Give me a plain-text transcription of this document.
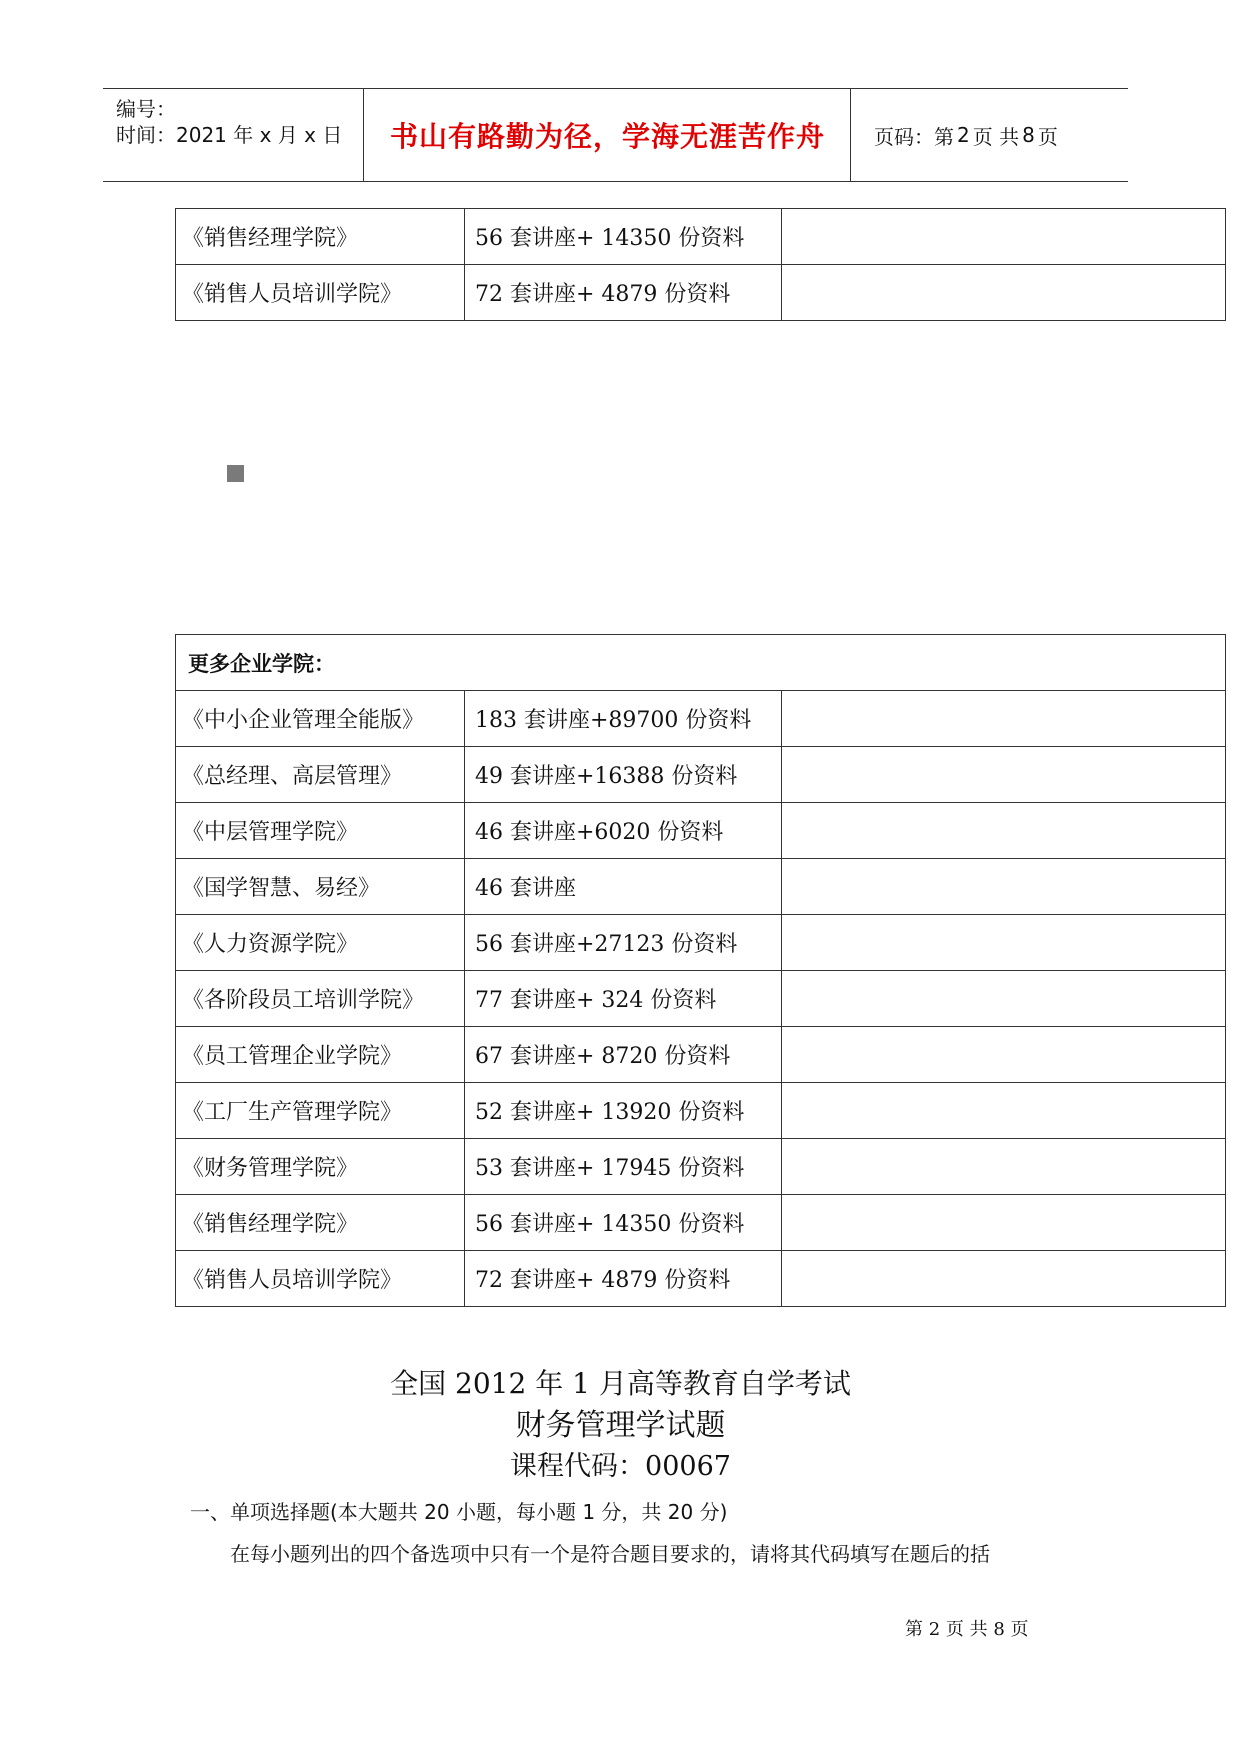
编号：
时间：2021 年 x 月 x 日	书山有路勤为径，学海无涯苦作舟	页码：第 2 页 共 8 页
《销售经理学院》	56 套讲座+ 14350 份资料	
《销售人员培训学院》	72 套讲座+ 4879 份资料	
更多企业学院：		
《中小企业管理全能版》	183 套讲座+89700 份资料	
《总经理、高层管理》	49 套讲座+16388 份资料	
《中层管理学院》	46 套讲座+6020 份资料	
《国学智慧、易经》	46 套讲座	
《人力资源学院》	56 套讲座+27123 份资料	
《各阶段员工培训学院》	77 套讲座+ 324 份资料	
《员工管理企业学院》	67 套讲座+ 8720 份资料	
《工厂生产管理学院》	52 套讲座+ 13920 份资料	
《财务管理学院》	53 套讲座+ 17945 份资料	
《销售经理学院》	56 套讲座+ 14350 份资料	
《销售人员培训学院》	72 套讲座+ 4879 份资料	
全国 2012 年 1 月高等教育自学考试
财务管理学试题
课程代码：00067
一、单项选择题(本大题共 20 小题，每小题 1 分，共 20 分)
在每小题列出的四个备选项中只有一个是符合题目要求的，请将其代码填写在题后的括
第 2 页 共 8 页
